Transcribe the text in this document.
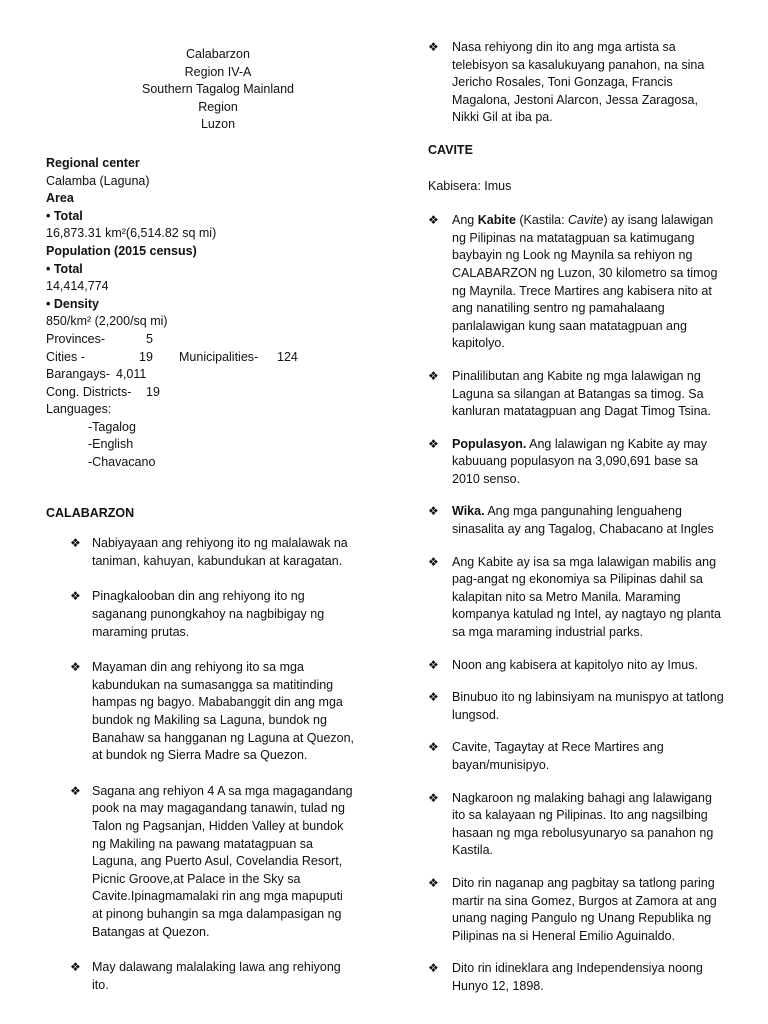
Calabarzon
Region IV-A
Southern Tagalog Mainland
Region
Luzon
Regional center
Calamba (Laguna)
Area
• Total
16,873.31 km²(6,514.82 sq mi)
Population (2015 census)
• Total
14,414,774
• Density
850/km² (2,200/sq mi)
Provinces-	5
Cities -	19	Municipalities-	124
Barangays- 4,011
Cong. Districts-	19
Languages:
-Tagalog
-English
-Chavacano
CALABARZON
❖ Nabiyayaan ang rehiyong ito ng malalawak na taniman, kahuyan, kabundukan at karagatan.
❖ Pinagkalooban din ang rehiyong ito ng saganang punongkahoy na nagbibigay ng maraming prutas.
❖ Mayaman din ang rehiyong ito sa mga kabundukan na sumasangga sa matitinding hampas ng bagyo. Mababanggit din ang mga bundok ng Makiling sa Laguna, bundok ng Banahaw sa hangganan ng Laguna at Quezon, at bundok ng Sierra Madre sa Quezon.
❖ Sagana ang rehiyon 4 A sa mga magagandang pook na may magagandang tanawin, tulad ng Talon ng Pagsanjan, Hidden Valley at bundok ng Makiling na pawang matatagpuan sa Laguna, ang Puerto Asul, Covelandia Resort, Picnic Groove,at Palace in the Sky sa Cavite.Ipinagmamalaki rin ang mga mapuputi at pinong buhangin sa mga dalampasigan ng Batangas at Quezon.
❖ May dalawang malalaking lawa ang rehiyong ito.
❖ Nasa rehiyong din ito ang mga artista sa telebisyon sa kasalukuyang panahon, na sina Jericho Rosales, Toni Gonzaga, Francis Magalona, Jestoni Alarcon, Jessa Zaragosa, Nikki Gil at iba pa.
CAVITE
Kabisera: Imus
❖ Ang Kabite (Kastila: Cavite) ay isang lalawigan ng Pilipinas na matatagpuan sa katimugang baybayin ng Look ng Maynila sa rehiyon ng CALABARZON ng Luzon, 30 kilometro sa timog ng Maynila. Trece Martires ang kabisera nito at ang nanatiling sentro ng pamahalaang panlalawigan kung saan matatagpuan ang kapitolyo.
❖ Pinalilibutan ang Kabite ng mga lalawigan ng Laguna sa silangan at Batangas sa timog. Sa kanluran matatagpuan ang Dagat Timog Tsina.
❖ Populasyon. Ang lalawigan ng Kabite ay may kabuuang populasyon na 3,090,691 base sa 2010 senso.
❖ Wika. Ang mga pangunahing lenguaheng sinasalita ay ang Tagalog, Chabacano at Ingles
❖ Ang Kabite ay isa sa mga lalawigan mabilis ang pag-angat ng ekonomiya sa Pilipinas dahil sa kalapitan nito sa Metro Manila. Maraming kompanya katulad ng Intel, ay nagtayo ng planta sa mga maraming industrial parks.
❖ Noon ang kabisera at kapitolyo nito ay Imus.
❖ Binubuo ito ng labinsiyam na munispyo at tatlong lungsod.
❖ Cavite, Tagaytay at Rece Martires ang bayan/munisipyo.
❖ Nagkaroon ng malaking bahagi ang lalawigang ito sa kalayaan ng Pilipinas. Ito ang nagsilbing hasaan ng mga rebolusyunaryo sa panahon ng Kastila.
❖ Dito rin naganap ang pagbitay sa tatlong paring martir na sina Gomez, Burgos at Zamora at ang unang naging Pangulo ng Unang Republika ng Pilipinas na si Heneral Emilio Aguinaldo.
❖ Dito rin idineklara ang Independensiya noong Hunyo 12, 1898.
